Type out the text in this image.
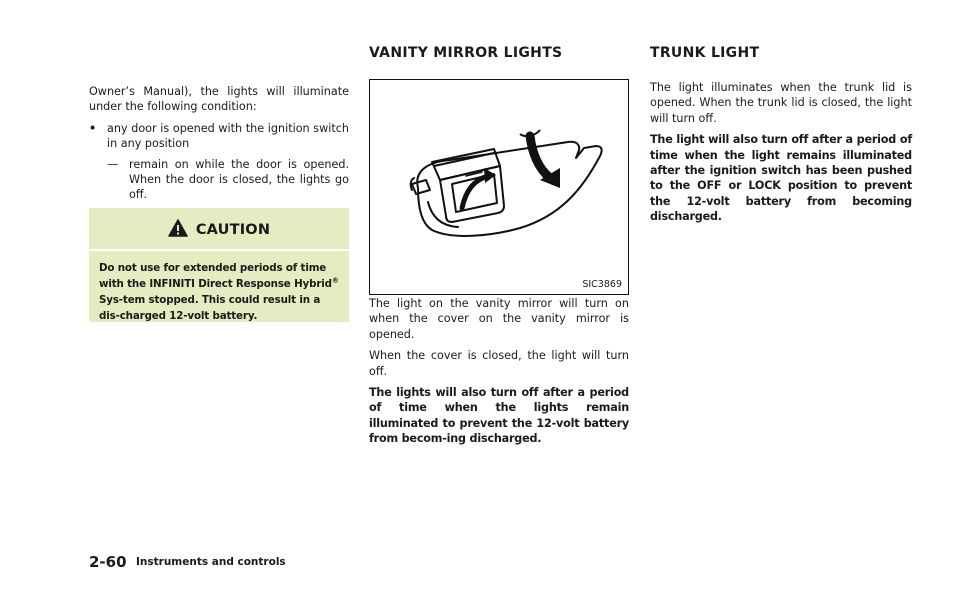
Owner’s Manual), the lights will illuminate under the following condition:

• any door is opened with the ignition switch in any position
— remain on while the door is opened. When the door is closed, the lights go off.
CAUTION
Do not use for extended periods of time with the INFINITI Direct Response Hybrid® Sys-tem stopped. This could result in a dis-charged 12-volt battery.
VANITY MIRROR LIGHTS	TRUNK LIGHT
SIC3869

The light on the vanity mirror will turn on when the cover on the vanity mirror is opened.

When the cover is closed, the light will turn off.

The lights will also turn off after a period of time when the lights remain illuminated to prevent the 12-volt battery from becom-ing discharged.

The light illuminates when the trunk lid is opened. When the trunk lid is closed, the light will turn off.

The light will also turn off after a period of time when the light remains illuminated after the ignition switch has been pushed to the OFF or LOCK position to prevent the 12-volt battery from becoming discharged.

2-60 Instruments and controls
